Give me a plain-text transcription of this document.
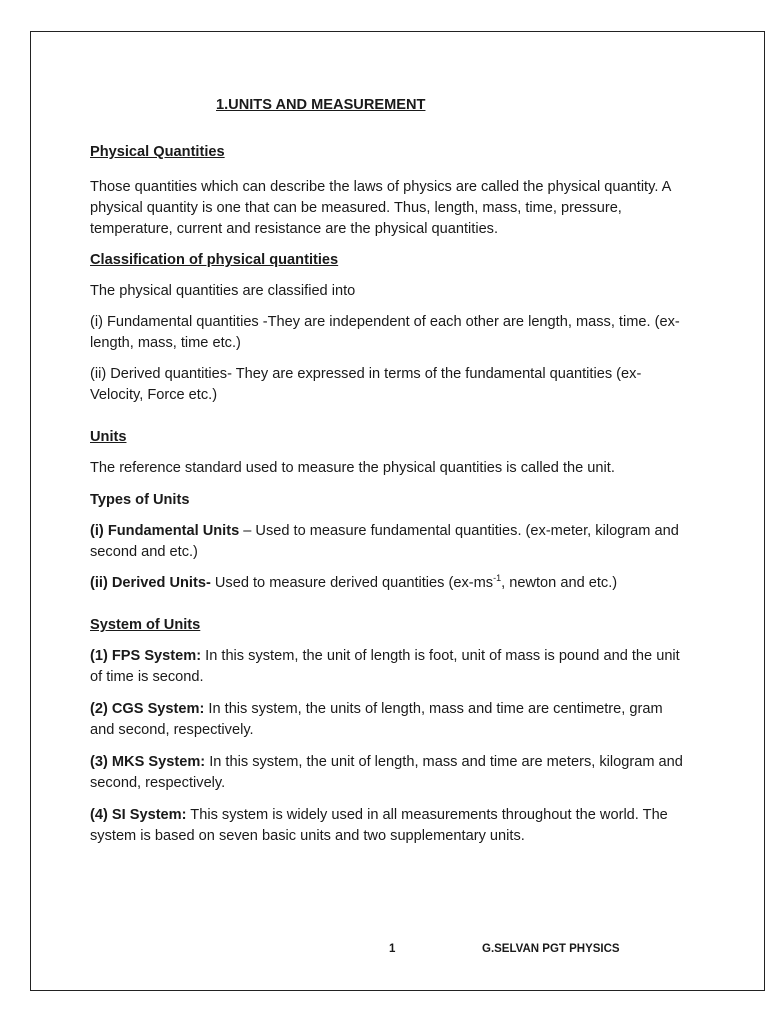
1.UNITS AND MEASUREMENT

Physical Quantities

Those quantities which can describe the laws of physics are called the physical quantity. A physical quantity is one that can be measured. Thus, length, mass, time, pressure, temperature, current and resistance are the physical quantities.

Classification of physical quantities

The physical quantities are classified into

(i) Fundamental quantities -They are independent of each other are length, mass, time. (ex- length, mass, time etc.)

(ii) Derived quantities- They are expressed in terms of the fundamental quantities (ex-Velocity, Force etc.)

Units

The reference standard used to measure the physical quantities is called the unit.

Types of Units

(i) Fundamental Units – Used to measure fundamental quantities. (ex-meter, kilogram and second and etc.)

(ii) Derived Units- Used to measure derived quantities ($ex-ms^{-1}$, newton and etc.)

System of Units

(1) FPS System: In this system, the unit of length is foot, unit of mass is pound and the unit of time is second.

(2) CGS System: In this system, the units of length, mass and time are centimetre, gram and second, respectively.

(3) MKS System: In this system, the unit of length, mass and time are meters, kilogram and second, respectively.

(4) SI System: This system is widely used in all measurements throughout the world. The system is based on seven basic units and two supplementary units.

1	G.SELVAN PGT PHYSICS
